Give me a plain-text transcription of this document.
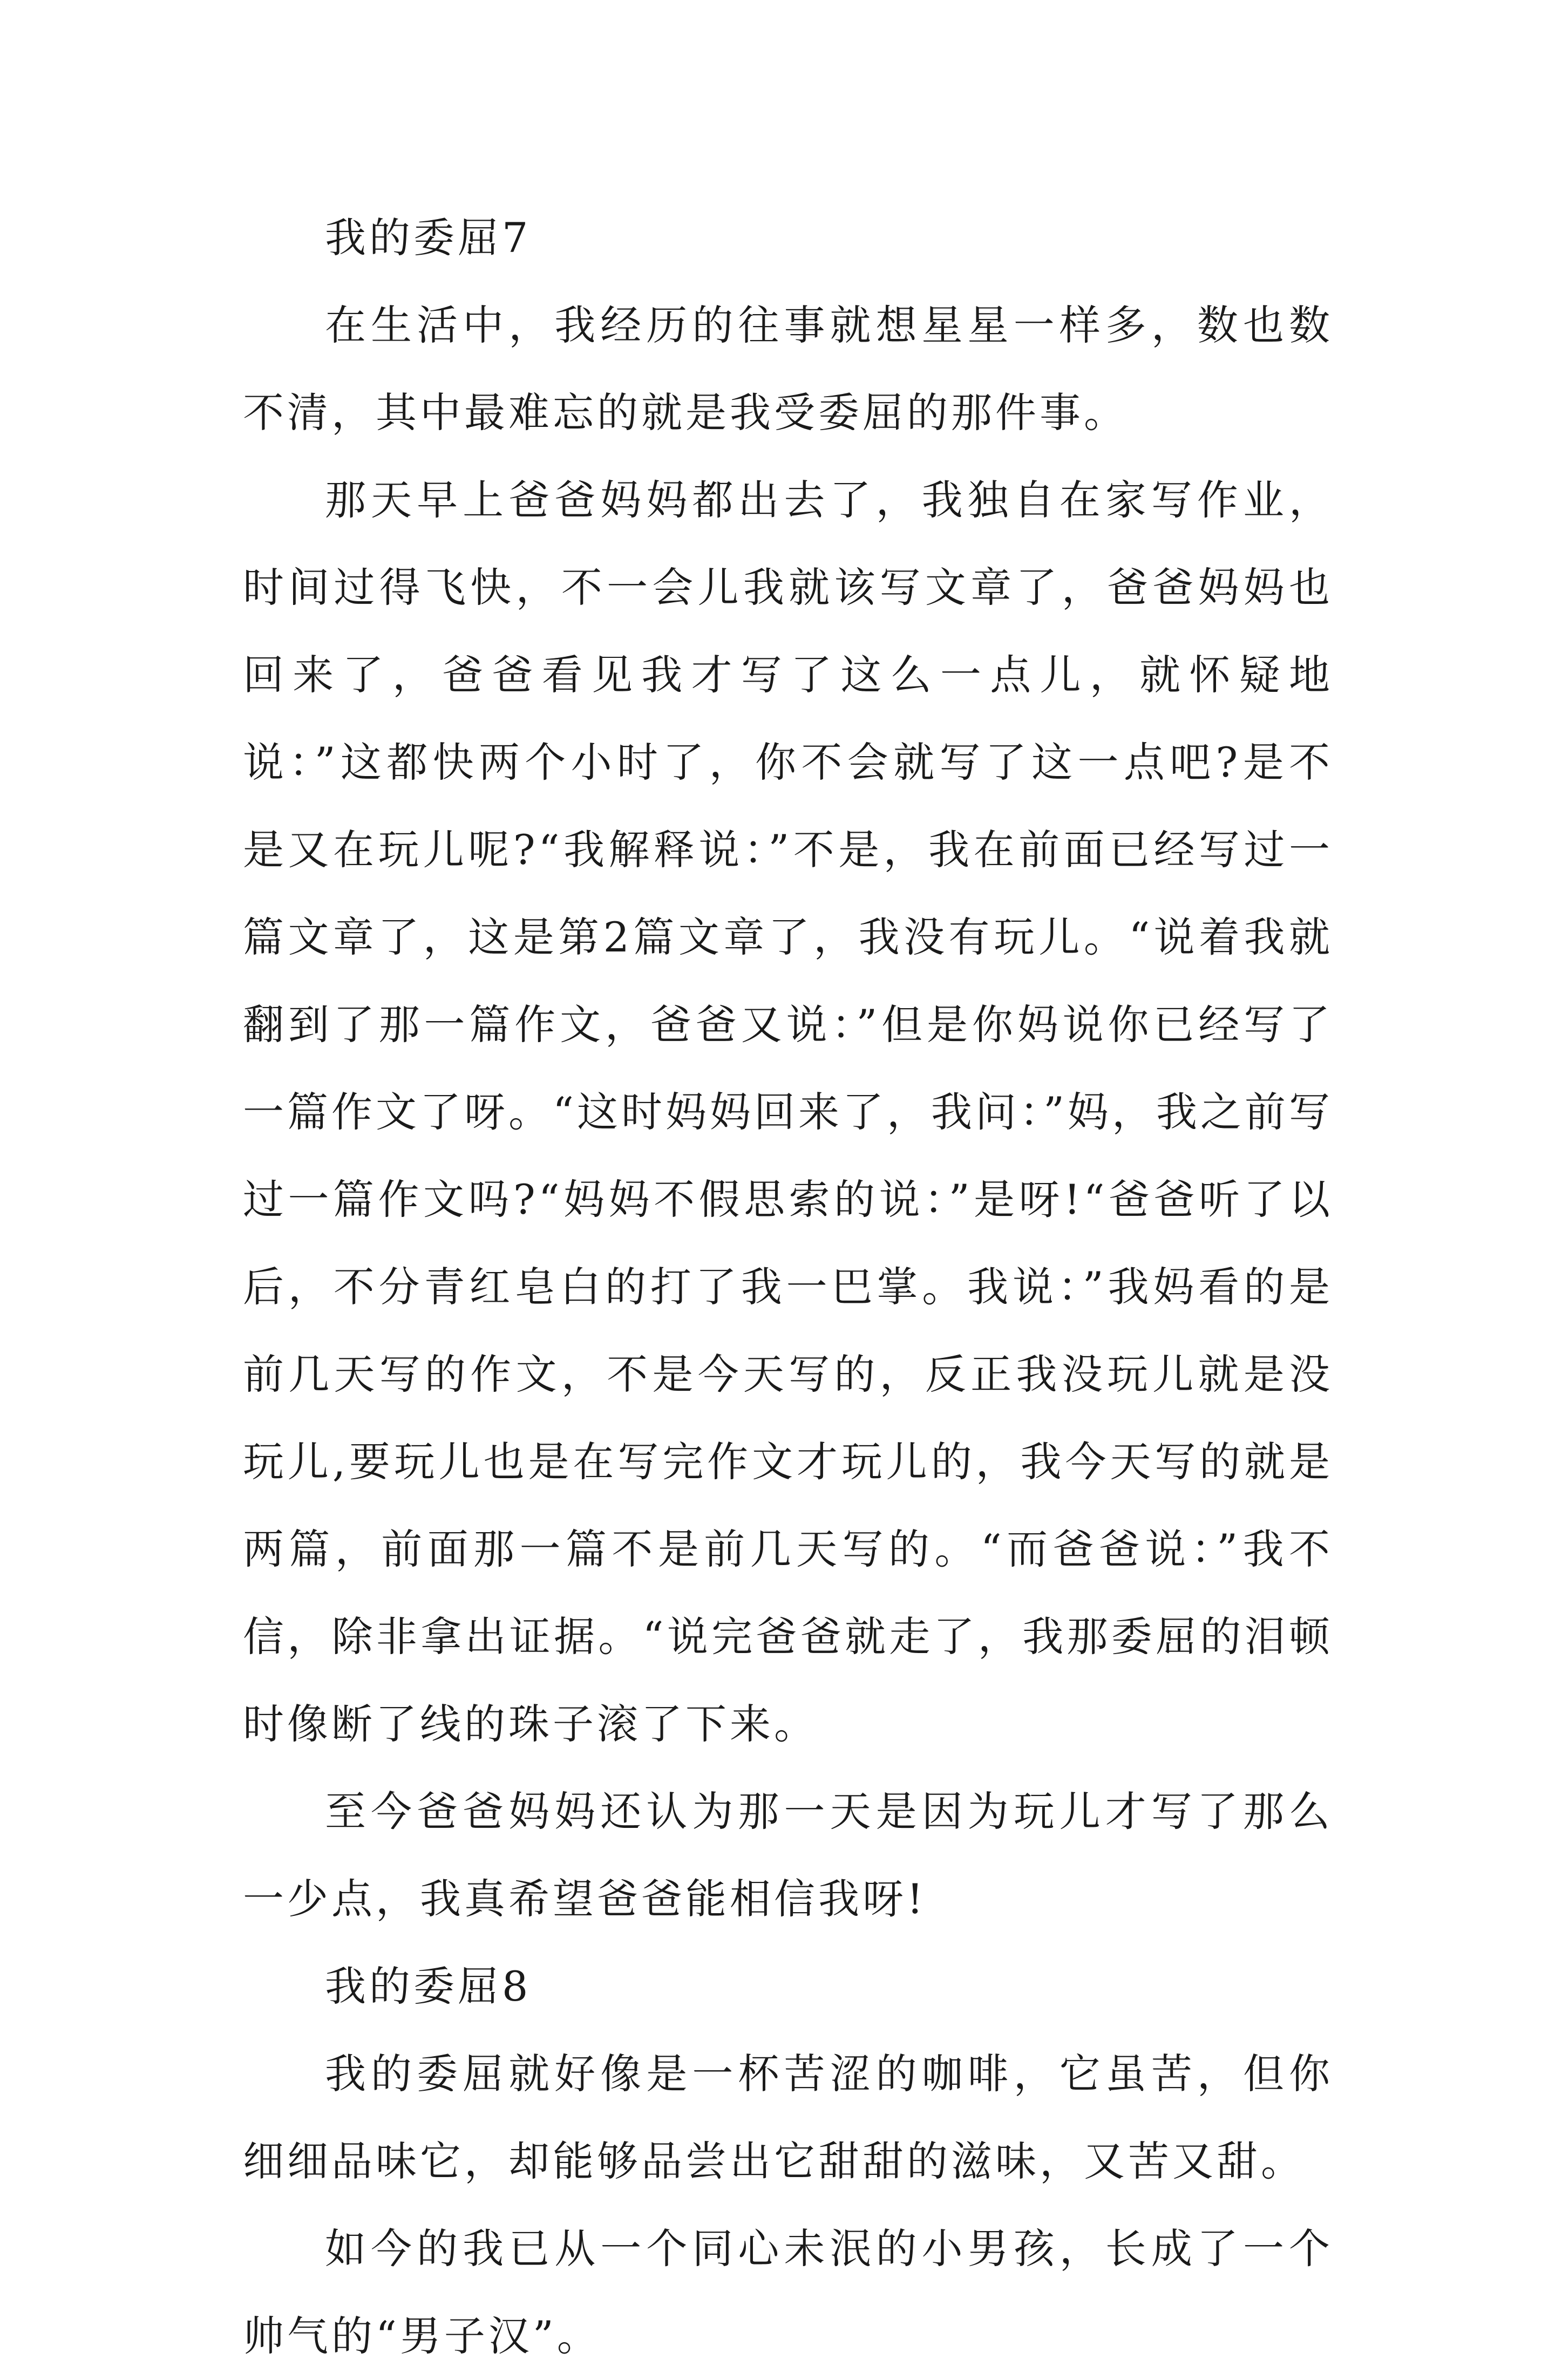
我的委屈7

在生活中，我经历的往事就想星星一样多，数也数不清，其中最难忘的就是我受委屈的那件事。

那天早上爸爸妈妈都出去了，我独自在家写作业，时间过得飞快，不一会儿我就该写文章了，爸爸妈妈也回来了，爸爸看见我才写了这么一点儿，就怀疑地说：”这都快两个小时了，你不会就写了这一点吧?是不是又在玩儿呢?“我解释说：”不是，我在前面已经写过一篇文章了，这是第2篇文章了，我没有玩儿。“说着我就翻到了那一篇作文，爸爸又说：”但是你妈说你已经写了一篇作文了呀。“这时妈妈回来了，我问：”妈，我之前写过一篇作文吗?“妈妈不假思索的说：”是呀!“爸爸听了以后，不分青红皂白的打了我一巴掌。我说：”我妈看的是前几天写的作文，不是今天写的，反正我没玩儿就是没玩儿,要玩儿也是在写完作文才玩儿的，我今天写的就是两篇，前面那一篇不是前几天写的。“而爸爸说：”我不信，除非拿出证据。“说完爸爸就走了，我那委屈的泪顿时像断了线的珠子滚了下来。

至今爸爸妈妈还认为那一天是因为玩儿才写了那么一少点，我真希望爸爸能相信我呀!

我的委屈8

我的委屈就好像是一杯苦涩的咖啡，它虽苦，但你细细品味它，却能够品尝出它甜甜的滋味，又苦又甜。

如今的我已从一个同心未泯的小男孩，长成了一个帅气的“男子汉”。
